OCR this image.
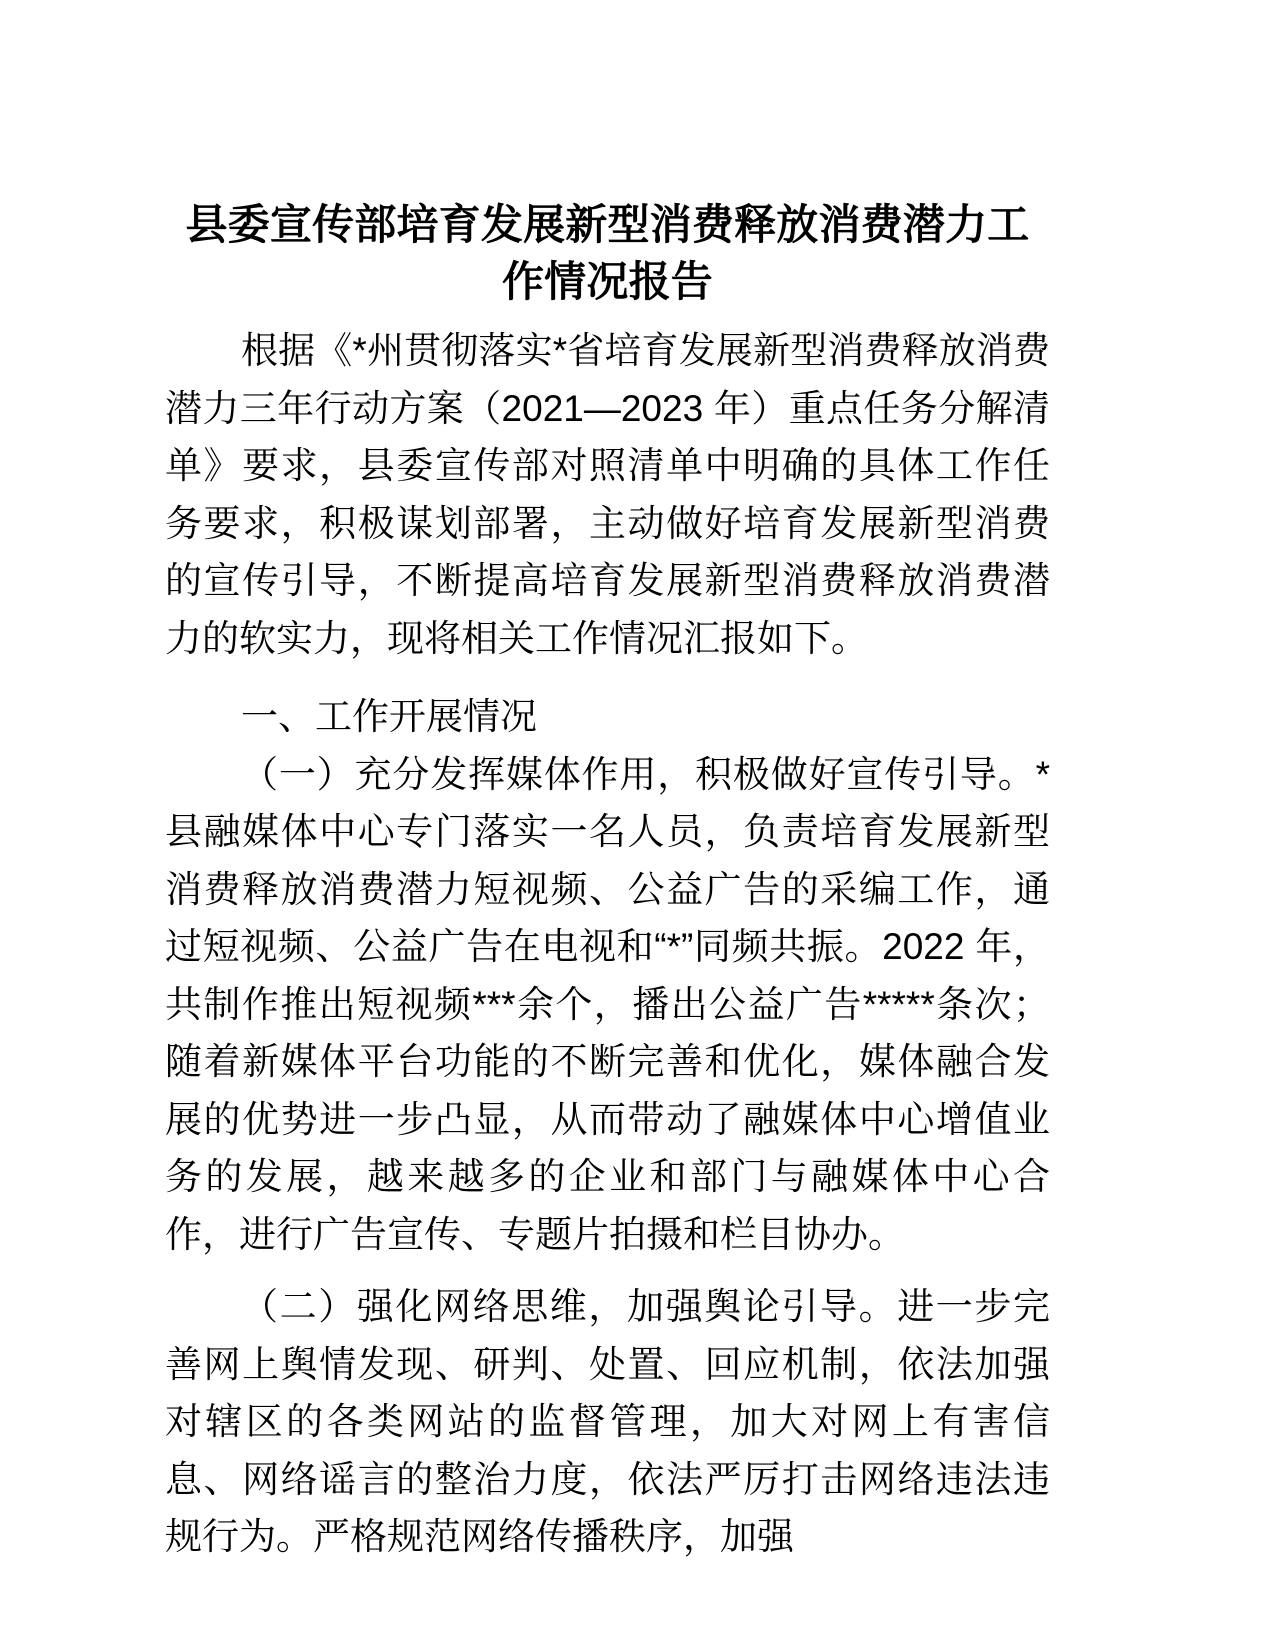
县委宣传部培育发展新型消费释放消费潜力工作情况报告

根据《*州贯彻落实*省培育发展新型消费释放消费潜力三年行动方案（2021—2023 年）重点任务分解清单》要求，县委宣传部对照清单中明确的具体工作任务要求，积极谋划部署，主动做好培育发展新型消费的宣传引导，不断提高培育发展新型消费释放消费潜力的软实力，现将相关工作情况汇报如下。

一、工作开展情况

（一）充分发挥媒体作用，积极做好宣传引导。*县融媒体中心专门落实一名人员，负责培育发展新型消费释放消费潜力短视频、公益广告的采编工作，通过短视频、公益广告在电视和“*”同频共振。2022 年，共制作推出短视频***余个，播出公益广告*****条次；随着新媒体平台功能的不断完善和优化，媒体融合发展的优势进一步凸显，从而带动了融媒体中心增值业务的发展，越来越多的企业和部门与融媒体中心合作，进行广告宣传、专题片拍摄和栏目协办。

（二）强化网络思维，加强舆论引导。进一步完善网上舆情发现、研判、处置、回应机制，依法加强对辖区的各类网站的监督管理，加大对网上有害信息、网络谣言的整治力度，依法严厉打击网络违法违规行为。严格规范网络传播秩序，加强
